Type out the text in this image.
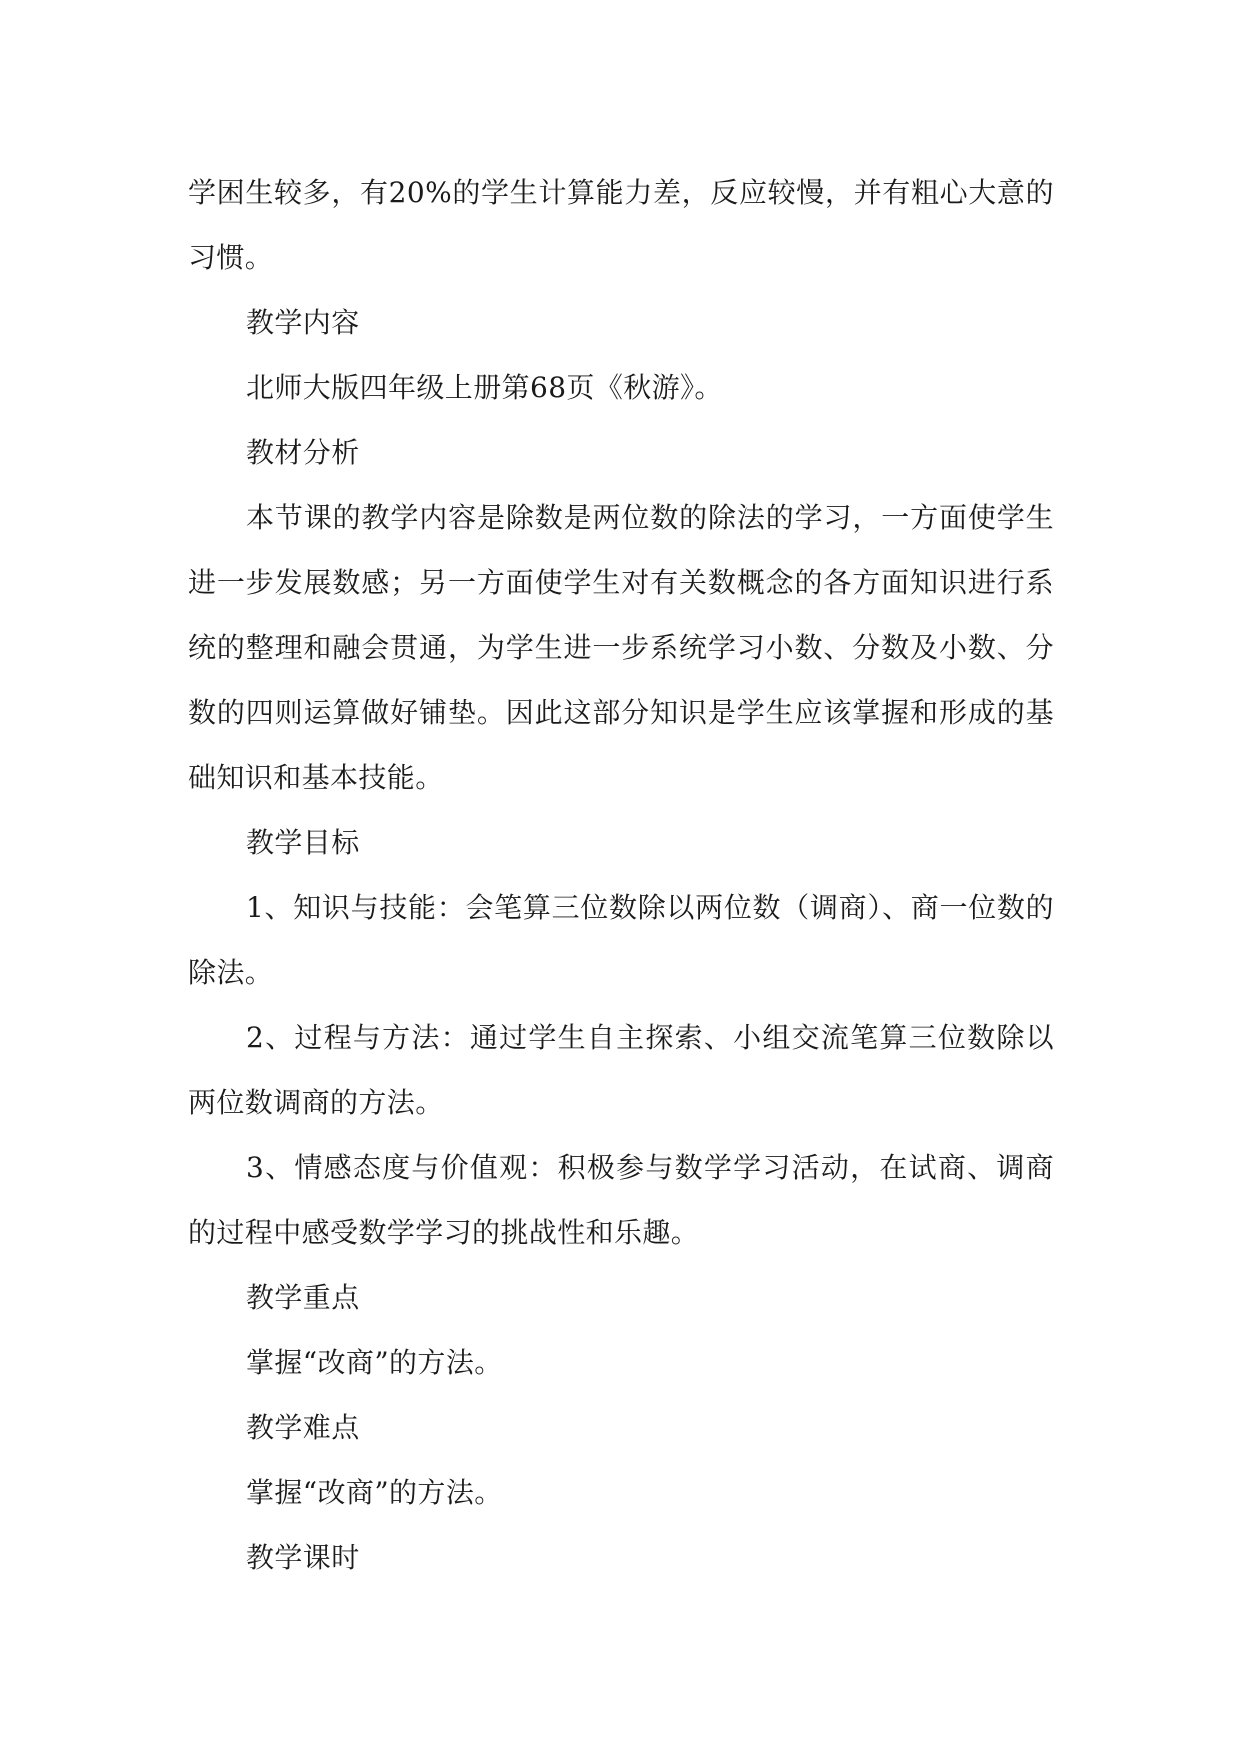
学困生较多，有20%的学生计算能力差，反应较慢，并有粗心大意的习惯。

教学内容

北师大版四年级上册第68页《秋游》。

教材分析

本节课的教学内容是除数是两位数的除法的学习，一方面使学生进一步发展数感；另一方面使学生对有关数概念的各方面知识进行系统的整理和融会贯通，为学生进一步系统学习小数、分数及小数、分数的四则运算做好铺垫。因此这部分知识是学生应该掌握和形成的基础知识和基本技能。

教学目标

1、知识与技能：会笔算三位数除以两位数（调商）、商一位数的除法。

2、过程与方法：通过学生自主探索、小组交流笔算三位数除以两位数调商的方法。

3、情感态度与价值观：积极参与数学学习活动，在试商、调商的过程中感受数学学习的挑战性和乐趣。

教学重点

掌握“改商”的方法。

教学难点

掌握“改商”的方法。

教学课时
